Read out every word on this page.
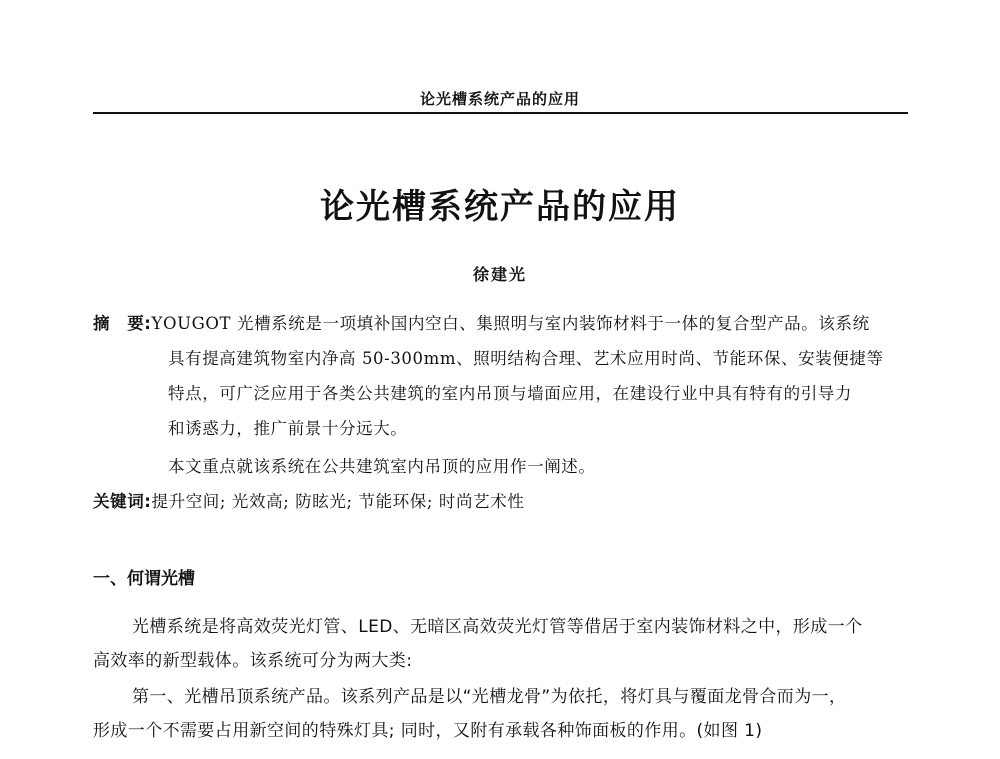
论光槽系统产品的应用
论光槽系统产品的应用
徐建光
摘　要:YOUGOT 光槽系统是一项填补国内空白、集照明与室内装饰材料于一体的复合型产品。该系统
具有提高建筑物室内净高 50-300mm、照明结构合理、艺术应用时尚、节能环保、安装便捷等
特点，可广泛应用于各类公共建筑的室内吊顶与墙面应用，在建设行业中具有特有的引导力
和诱惑力，推广前景十分远大。
本文重点就该系统在公共建筑室内吊顶的应用作一阐述。
关键词:提升空间; 光效高; 防眩光; 节能环保; 时尚艺术性
一、何谓光槽
光槽系统是将高效荧光灯管、LED、无暗区高效荧光灯管等借居于室内装饰材料之中，形成一个
高效率的新型载体。该系统可分为两大类:
第一、光槽吊顶系统产品。该系列产品是以“光槽龙骨”为依托，将灯具与覆面龙骨合而为一，
形成一个不需要占用新空间的特殊灯具; 同时，又附有承载各种饰面板的作用。(如图 1)
